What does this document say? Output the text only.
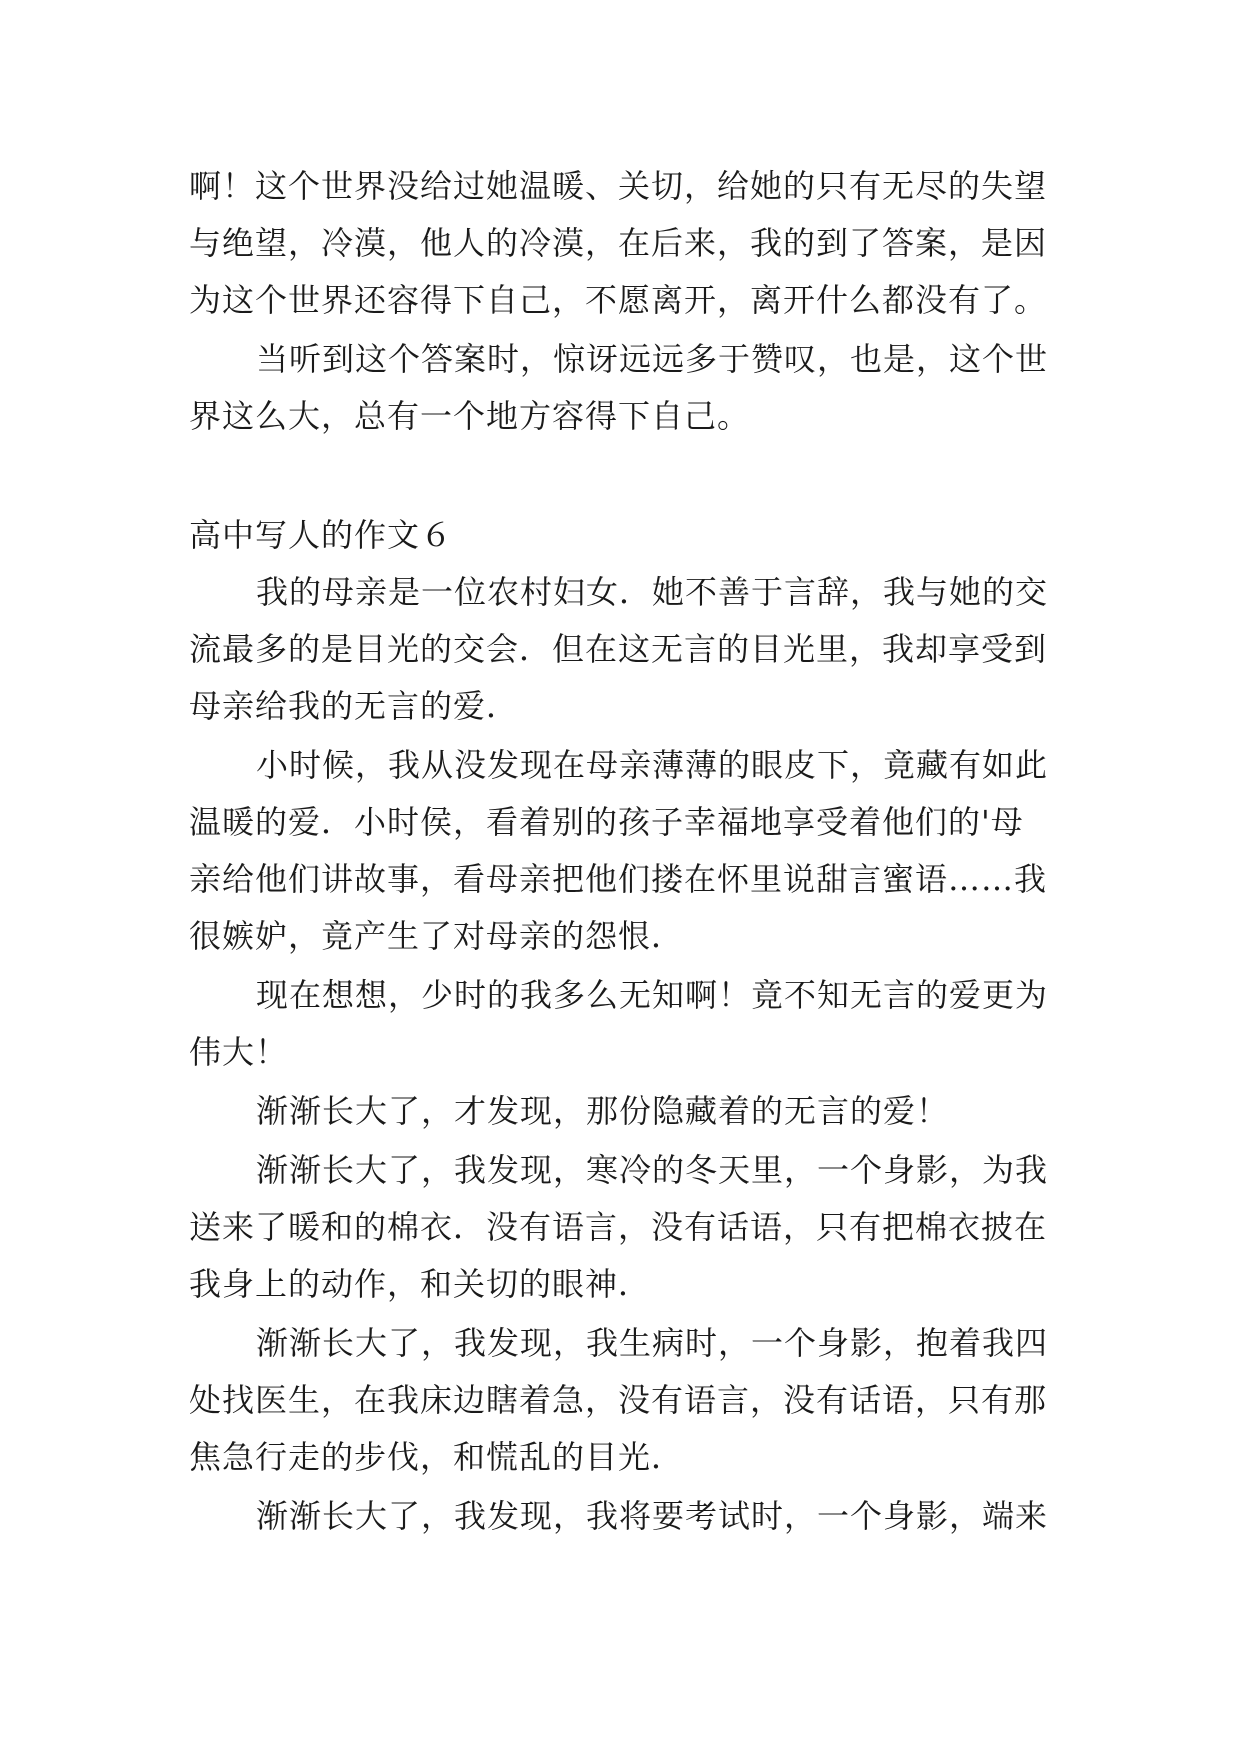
啊！这个世界没给过她温暖、关切，给她的只有无尽的失望
与绝望，冷漠，他人的冷漠，在后来，我的到了答案，是因
为这个世界还容得下自己，不愿离开，离开什么都没有了。
当听到这个答案时，惊讶远远多于赞叹，也是，这个世
界这么大，总有一个地方容得下自己。
高中写人的作文６
我的母亲是一位农村妇女．她不善于言辞，我与她的交
流最多的是目光的交会．但在这无言的目光里，我却享受到
母亲给我的无言的爱．
小时候，我从没发现在母亲薄薄的眼皮下，竟藏有如此
温暖的爱．小时侯，看着别的孩子幸福地享受着他们的'母
亲给他们讲故事，看母亲把他们搂在怀里说甜言蜜语……我
很嫉妒，竟产生了对母亲的怨恨．
现在想想，少时的我多么无知啊！竟不知无言的爱更为
伟大！
渐渐长大了，才发现，那份隐藏着的无言的爱！
渐渐长大了，我发现，寒冷的冬天里，一个身影，为我
送来了暖和的棉衣．没有语言，没有话语，只有把棉衣披在
我身上的动作，和关切的眼神．
渐渐长大了，我发现，我生病时，一个身影，抱着我四
处找医生，在我床边瞎着急，没有语言，没有话语，只有那
焦急行走的步伐，和慌乱的目光．
渐渐长大了，我发现，我将要考试时，一个身影，端来
